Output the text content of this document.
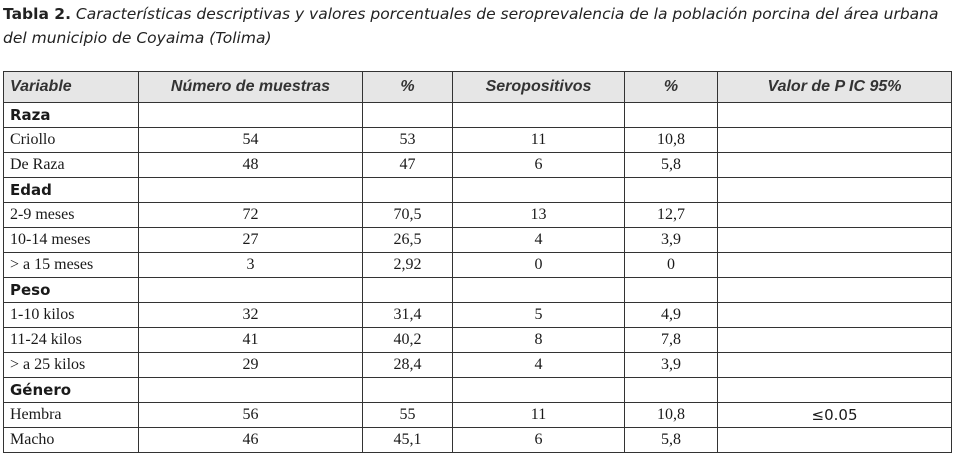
Tabla 2. Características descriptivas y valores porcentuales de seroprevalencia de la población porcina del área urbana del municipio de Coyaima (Tolima)
Variable	Número de muestras	%	Seropositivos	%	Valor de P IC 95%
Raza					
Criollo	54	53	11	10,8	
De Raza	48	47	6	5,8	
Edad					
2-9 meses	72	70,5	13	12,7	
10-14 meses	27	26,5	4	3,9	
> a 15 meses	3	2,92	0	0	
Peso					
1-10 kilos	32	31,4	5	4,9	
11-24 kilos	41	40,2	8	7,8	
> a 25 kilos	29	28,4	4	3,9	
Género					
Hembra	56	55	11	10,8	≤0.05
Macho	46	45,1	6	5,8	
